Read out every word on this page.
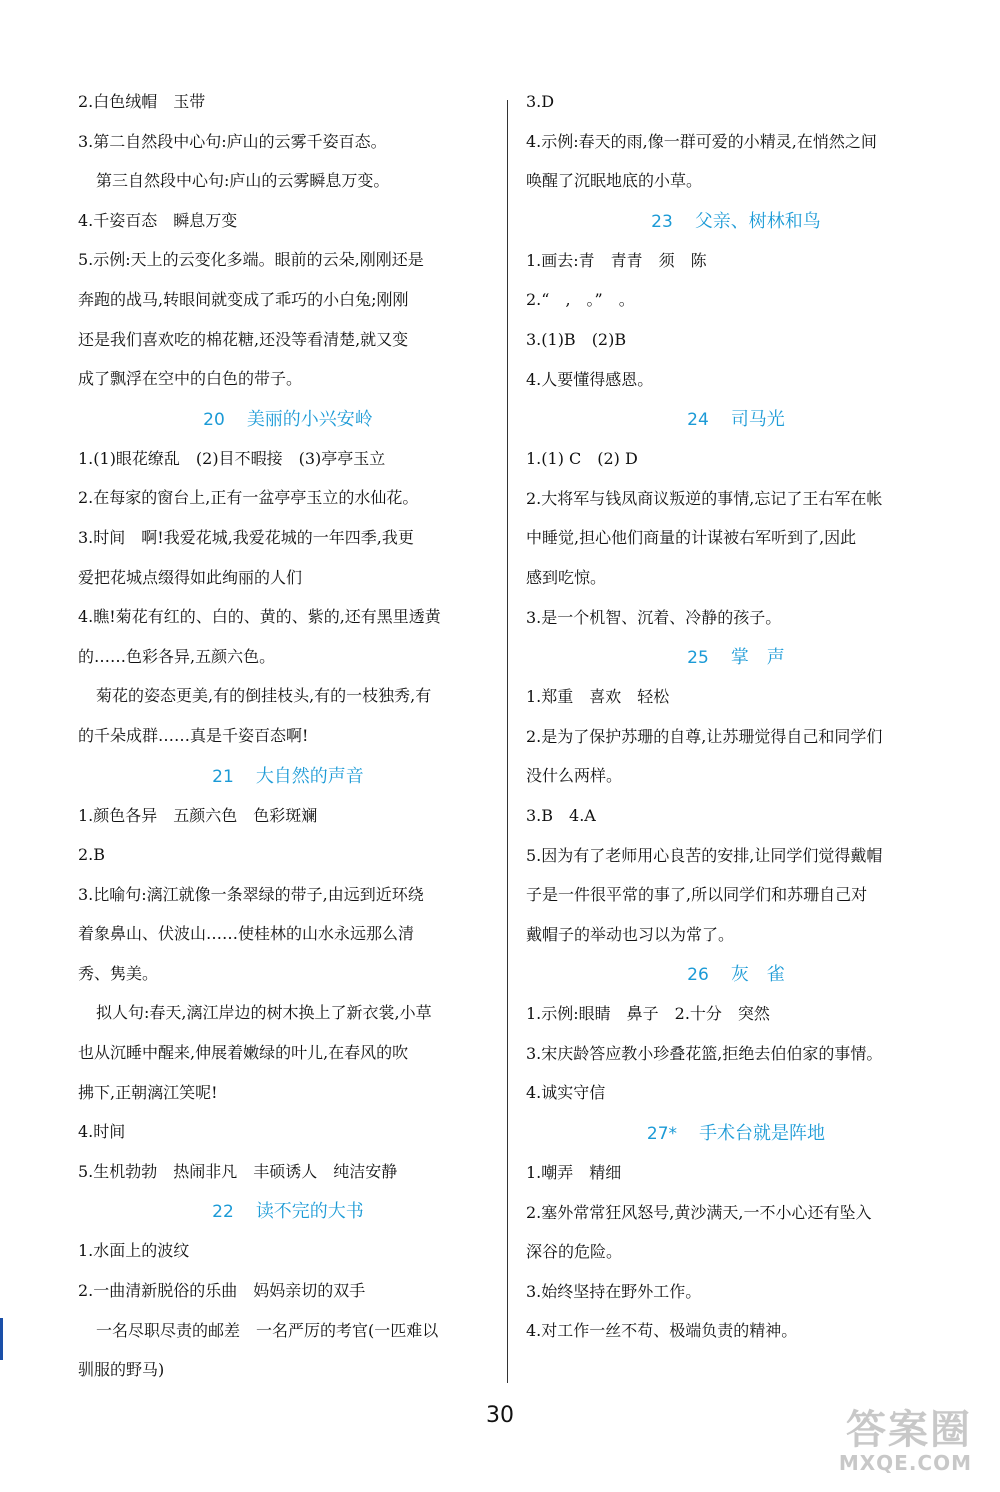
2.白色绒帽　玉带
3.第二自然段中心句:庐山的云雾千姿百态。
第三自然段中心句:庐山的云雾瞬息万变。
4.千姿百态　瞬息万变
5.示例:天上的云变化多端。眼前的云朵,刚刚还是
奔跑的战马,转眼间就变成了乖巧的小白兔;刚刚
还是我们喜欢吃的棉花糖,还没等看清楚,就又变
成了飘浮在空中的白色的带子。
20 美丽的小兴安岭
1.(1)眼花缭乱　(2)目不暇接　(3)亭亭玉立
2.在每家的窗台上,正有一盆亭亭玉立的水仙花。
3.时间　啊!我爱花城,我爱花城的一年四季,我更
爱把花城点缀得如此绚丽的人们
4.瞧!菊花有红的、白的、黄的、紫的,还有黑里透黄
的……色彩各异,五颜六色。
菊花的姿态更美,有的倒挂枝头,有的一枝独秀,有
的千朵成群……真是千姿百态啊!
21 大自然的声音
1.颜色各异　五颜六色　色彩斑斓
2.B
3.比喻句:漓江就像一条翠绿的带子,由远到近环绕
着象鼻山、伏波山……使桂林的山水永远那么清
秀、隽美。
拟人句:春天,漓江岸边的树木换上了新衣裳,小草
也从沉睡中醒来,伸展着嫩绿的叶儿,在春风的吹
拂下,正朝漓江笑呢!
4.时间
5.生机勃勃　热闹非凡　丰硕诱人　纯洁安静
22 读不完的大书
1.水面上的波纹
2.一曲清新脱俗的乐曲　妈妈亲切的双手
一名尽职尽责的邮差　一名严厉的考官(一匹难以
驯服的野马)
3.D
4.示例:春天的雨,像一群可爱的小精灵,在悄然之间
唤醒了沉眠地底的小草。
23 父亲、树林和鸟
1.画去:青　青青　须　陈
2.“　,　。”　。
3.(1)B　(2)B
4.人要懂得感恩。
24 司马光
1.(1) C　(2) D
2.大将军与钱凤商议叛逆的事情,忘记了王右军在帐
中睡觉,担心他们商量的计谋被右军听到了,因此
感到吃惊。
3.是一个机智、沉着、冷静的孩子。
25 掌　声
1.郑重　喜欢　轻松
2.是为了保护苏珊的自尊,让苏珊觉得自己和同学们
没什么两样。
3.B　4.A
5.因为有了老师用心良苦的安排,让同学们觉得戴帽
子是一件很平常的事了,所以同学们和苏珊自己对
戴帽子的举动也习以为常了。
26 灰　雀
1.示例:眼睛　鼻子　2.十分　突然
3.宋庆龄答应教小珍叠花篮,拒绝去伯伯家的事情。
4.诚实守信
27* 手术台就是阵地
1.嘲弄　精细
2.塞外常常狂风怒号,黄沙满天,一不小心还有坠入
深谷的危险。
3.始终坚持在野外工作。
4.对工作一丝不苟、极端负责的精神。
30	答案圈
MXQE.COM
